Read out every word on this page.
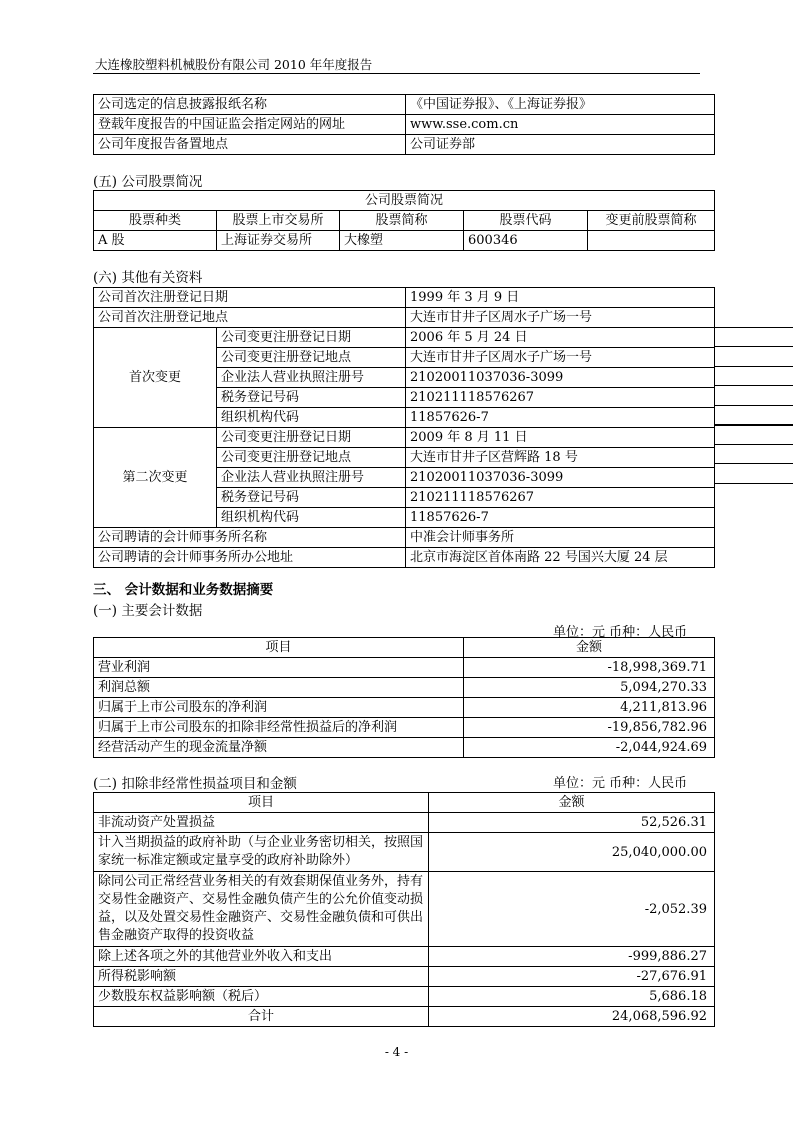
大连橡胶塑料机械股份有限公司 2010 年年度报告
公司选定的信息披露报纸名称	《中国证券报》、《上海证券报》
登载年度报告的中国证监会指定网站的网址	www.sse.com.cn
公司年度报告备置地点	公司证券部
(五) 公司股票简况
公司股票简况				
股票种类	股票上市交易所	股票简称	股票代码	变更前股票简称
A 股	上海证券交易所	大橡塑	600346	
(六) 其他有关资料
公司首次注册登记日期		1999 年 3 月 9 日
公司首次注册登记地点		大连市甘井子区周水子广场一号
首次变更	公司变更注册登记日期	2006 年 5 月 24 日
	公司变更注册登记地点	大连市甘井子区周水子广场一号
	企业法人营业执照注册号	21020011037036-3099
	税务登记号码	210211118576267
	组织机构代码	11857626-7
第二次变更	公司变更注册登记日期	2009 年 8 月 11 日
	公司变更注册登记地点	大连市甘井子区营辉路 18 号
	企业法人营业执照注册号	21020011037036-3099
	税务登记号码	210211118576267
	组织机构代码	11857626-7
公司聘请的会计师事务所名称		中准会计师事务所
公司聘请的会计师事务所办公地址		北京市海淀区首体南路 22 号国兴大厦 24 层
三、 会计数据和业务数据摘要
(一) 主要会计数据
单位：元 币种：人民币
项目	金额
营业利润	-18,998,369.71
利润总额	5,094,270.33
归属于上市公司股东的净利润	4,211,813.96
归属于上市公司股东的扣除非经常性损益后的净利润	-19,856,782.96
经营活动产生的现金流量净额	-2,044,924.69
(二) 扣除非经常性损益项目和金额	单位：元 币种：人民币
项目	金额
非流动资产处置损益	52,526.31
计入当期损益的政府补助（与企业业务密切相关，按照国家统一标准定额或定量享受的政府补助除外）	25,040,000.00
除同公司正常经营业务相关的有效套期保值业务外，持有交易性金融资产、交易性金融负债产生的公允价值变动损益，以及处置交易性金融资产、交易性金融负债和可供出售金融资产取得的投资收益	-2,052.39
除上述各项之外的其他营业外收入和支出	-999,886.27
所得税影响额	-27,676.91
少数股东权益影响额（税后）	5,686.18
合计	24,068,596.92
- 4 -
